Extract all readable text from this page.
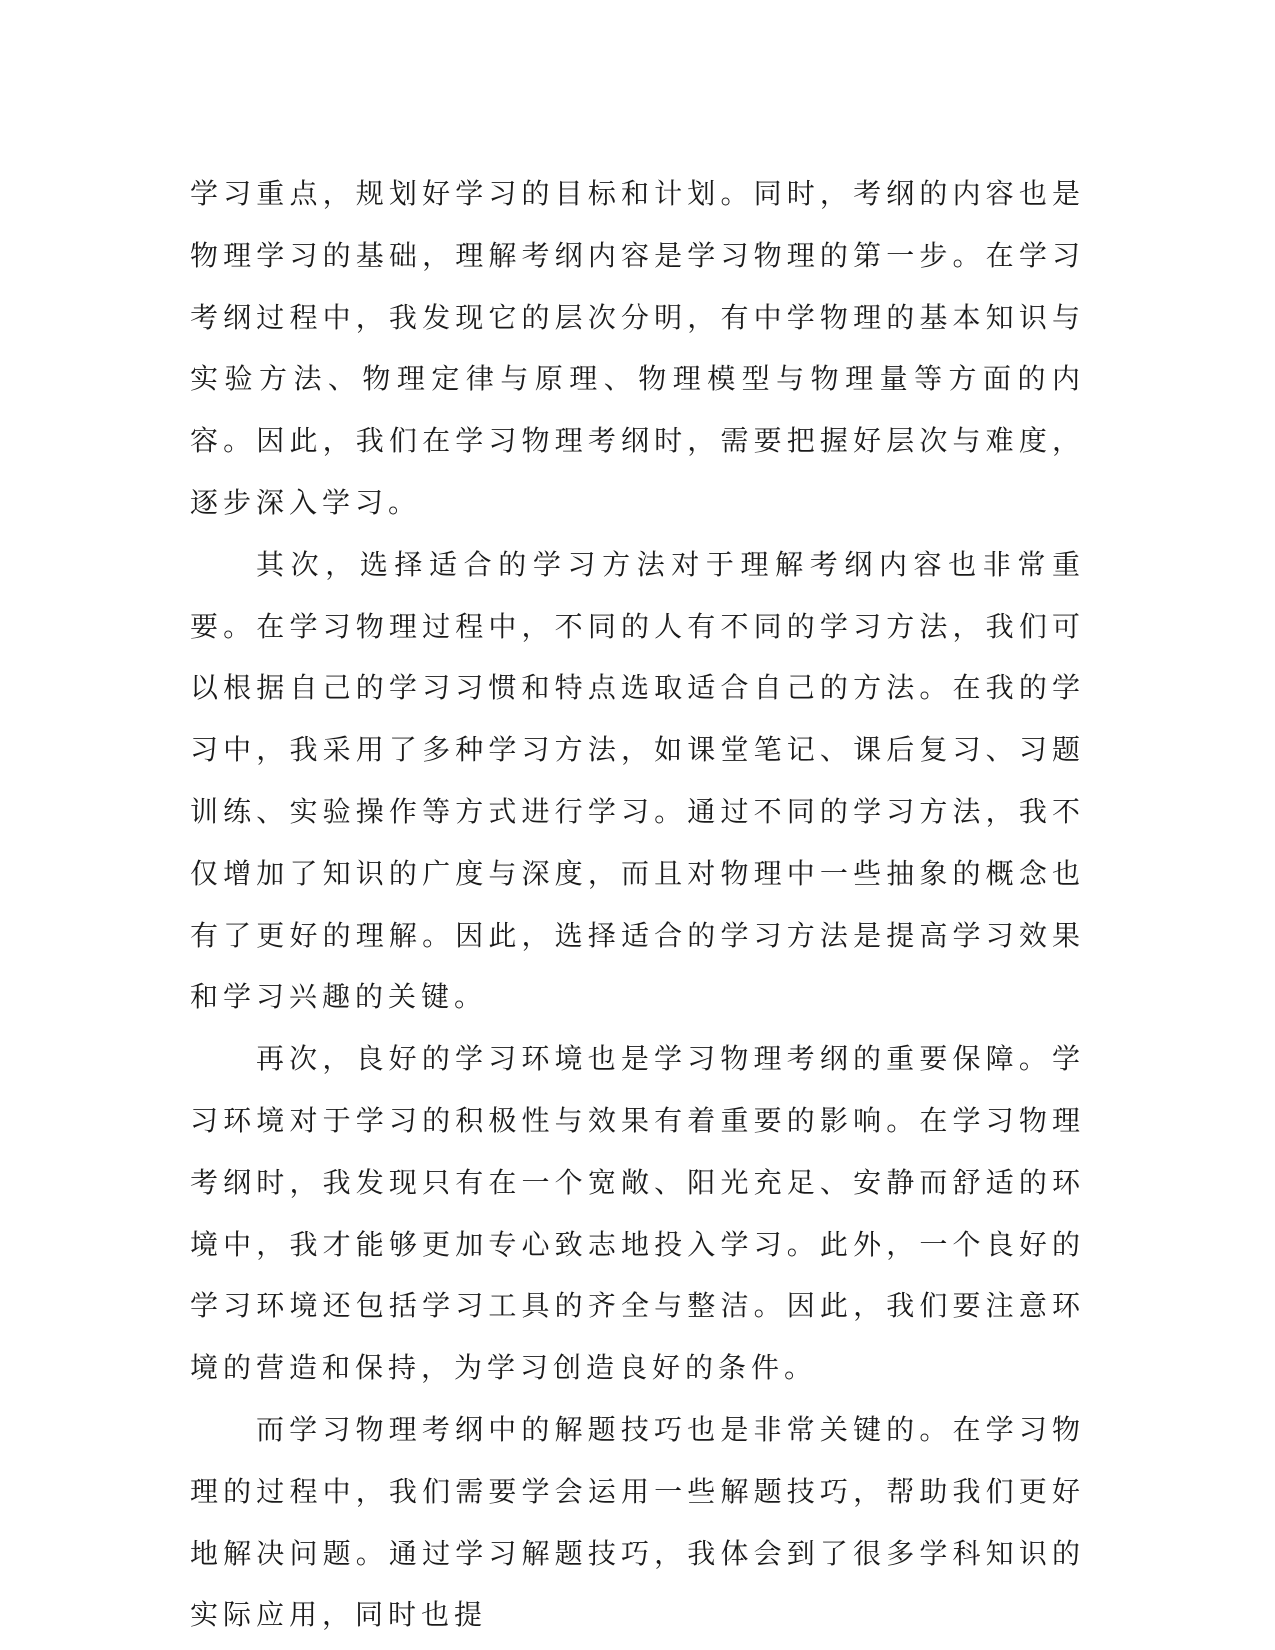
学习重点，规划好学习的目标和计划。同时，考纲的内容也是物理学习的基础，理解考纲内容是学习物理的第一步。在学习考纲过程中，我发现它的层次分明，有中学物理的基本知识与实验方法、物理定律与原理、物理模型与物理量等方面的内容。因此，我们在学习物理考纲时，需要把握好层次与难度，逐步深入学习。

其次，选择适合的学习方法对于理解考纲内容也非常重要。在学习物理过程中，不同的人有不同的学习方法，我们可以根据自己的学习习惯和特点选取适合自己的方法。在我的学习中，我采用了多种学习方法，如课堂笔记、课后复习、习题训练、实验操作等方式进行学习。通过不同的学习方法，我不仅增加了知识的广度与深度，而且对物理中一些抽象的概念也有了更好的理解。因此，选择适合的学习方法是提高学习效果和学习兴趣的关键。

再次，良好的学习环境也是学习物理考纲的重要保障。学习环境对于学习的积极性与效果有着重要的影响。在学习物理考纲时，我发现只有在一个宽敞、阳光充足、安静而舒适的环境中，我才能够更加专心致志地投入学习。此外，一个良好的学习环境还包括学习工具的齐全与整洁。因此，我们要注意环境的营造和保持，为学习创造良好的条件。

而学习物理考纲中的解题技巧也是非常关键的。在学习物理的过程中，我们需要学会运用一些解题技巧，帮助我们更好地解决问题。通过学习解题技巧，我体会到了很多学科知识的实际应用，同时也提
